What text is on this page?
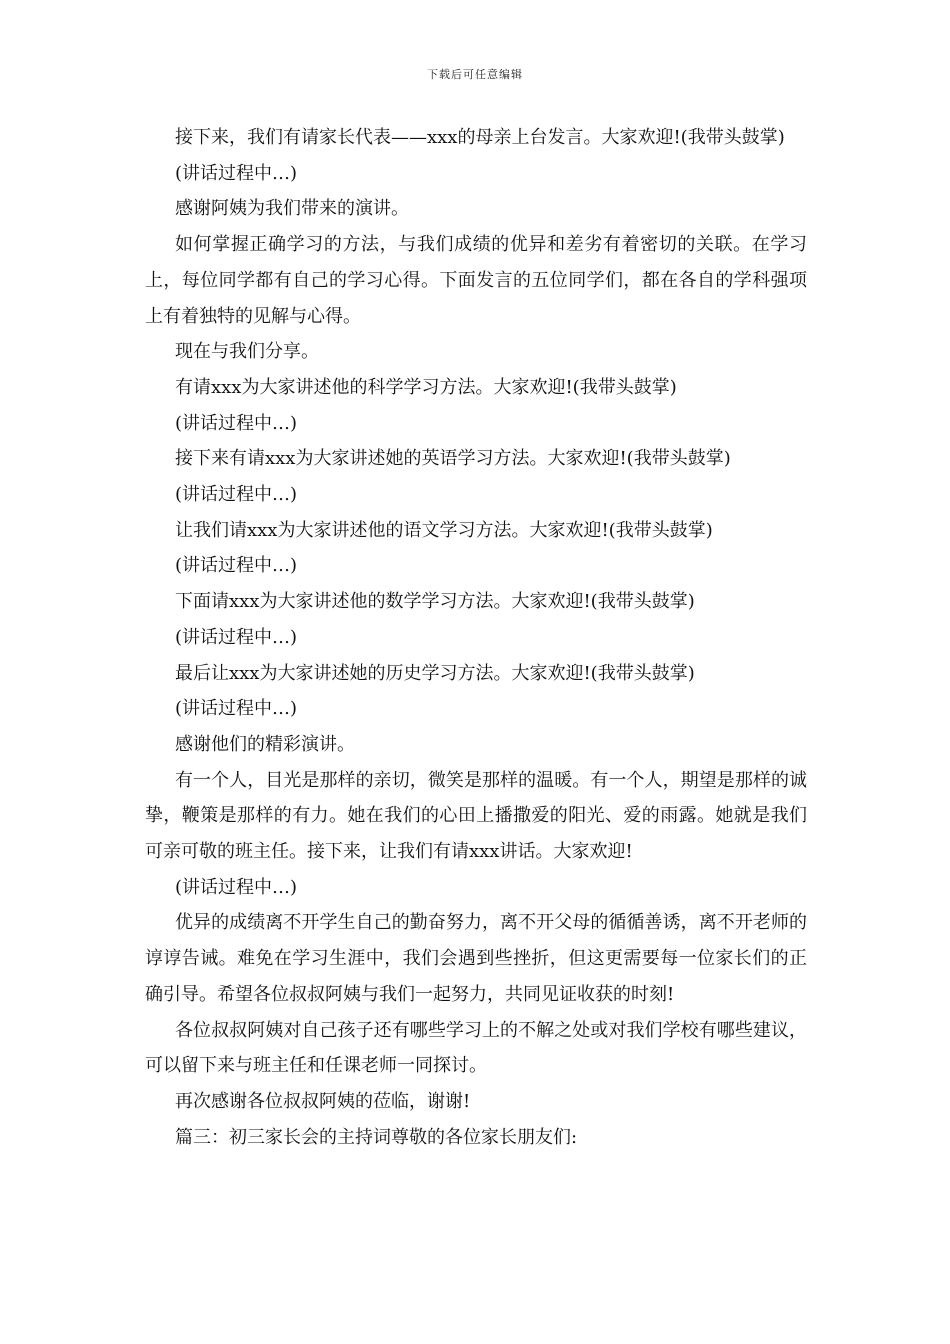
下载后可任意编辑

接下来，我们有请家长代表——xxx的母亲上台发言。大家欢迎!(我带头鼓掌)

(讲话过程中…)

感谢阿姨为我们带来的演讲。

如何掌握正确学习的方法，与我们成绩的优异和差劣有着密切的关联。在学习上，每位同学都有自己的学习心得。下面发言的五位同学们，都在各自的学科强项上有着独特的见解与心得。

现在与我们分享。

有请xxx为大家讲述他的科学学习方法。大家欢迎!(我带头鼓掌)

(讲话过程中…)

接下来有请xxx为大家讲述她的英语学习方法。大家欢迎!(我带头鼓掌)

(讲话过程中…)

让我们请xxx为大家讲述他的语文学习方法。大家欢迎!(我带头鼓掌)

(讲话过程中…)

下面请xxx为大家讲述他的数学学习方法。大家欢迎!(我带头鼓掌)

(讲话过程中…)

最后让xxx为大家讲述她的历史学习方法。大家欢迎!(我带头鼓掌)

(讲话过程中…)

感谢他们的精彩演讲。

有一个人，目光是那样的亲切，微笑是那样的温暖。有一个人，期望是那样的诚挚，鞭策是那样的有力。她在我们的心田上播撒爱的阳光、爱的雨露。她就是我们可亲可敬的班主任。接下来，让我们有请xxx讲话。大家欢迎!

(讲话过程中…)

优异的成绩离不开学生自己的勤奋努力，离不开父母的循循善诱，离不开老师的谆谆告诫。难免在学习生涯中，我们会遇到些挫折，但这更需要每一位家长们的正确引导。希望各位叔叔阿姨与我们一起努力，共同见证收获的时刻!

各位叔叔阿姨对自己孩子还有哪些学习上的不解之处或对我们学校有哪些建议，可以留下来与班主任和任课老师一同探讨。

再次感谢各位叔叔阿姨的莅临，谢谢!

篇三：初三家长会的主持词尊敬的各位家长朋友们:
